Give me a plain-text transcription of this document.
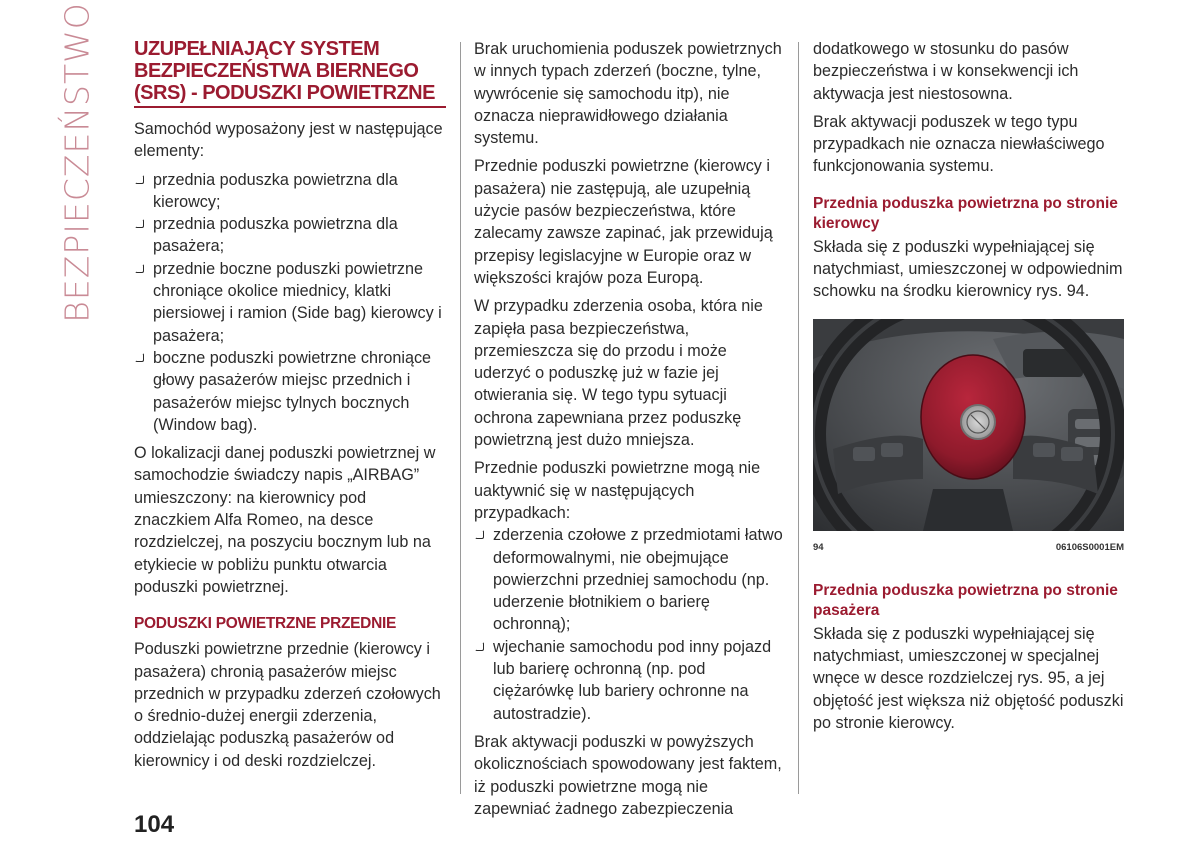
BEZPIECZEŃSTWO UZUPEŁNIAJĄCY SYSTEM BEZPIECZEŃSTWA BIERNEGO (SRS) - PODUSZKI POWIETRZNE

Samochód wyposażony jest w następujące elementy:

przednia poduszka powietrzna dla kierowcy;
przednia poduszka powietrzna dla pasażera;
przednie boczne poduszki powietrzne chroniące okolice miednicy, klatki piersiowej i ramion (Side bag) kierowcy i pasażera;
boczne poduszki powietrzne chroniące głowy pasażerów miejsc przednich i pasażerów miejsc tylnych bocznych (Window bag).

O lokalizacji danej poduszki powietrznej w samochodzie świadczy napis „AIRBAG” umieszczony: na kierownicy pod znaczkiem Alfa Romeo, na desce rozdzielczej, na poszyciu bocznym lub na etykiecie w pobliżu punktu otwarcia poduszki powietrznej.

PODUSZKI POWIETRZNE PRZEDNIE

Poduszki powietrzne przednie (kierowcy i pasażera) chronią pasażerów miejsc przednich w przypadku zderzeń czołowych o średnio-dużej energii zderzenia, oddzielając poduszką pasażerów od kierownicy i od deski rozdzielczej.

Brak uruchomienia poduszek powietrznych w innych typach zderzeń (boczne, tylne, wywrócenie się samochodu itp), nie oznacza nieprawidłowego działania systemu.

Przednie poduszki powietrzne (kierowcy i pasażera) nie zastępują, ale uzupełnią użycie pasów bezpieczeństwa, które zalecamy zawsze zapinać, jak przewidują przepisy legislacyjne w Europie oraz w większości krajów poza Europą.

W przypadku zderzenia osoba, która nie zapięła pasa bezpieczeństwa, przemieszcza się do przodu i może uderzyć o poduszkę już w fazie jej otwierania się. W tego typu sytuacji ochrona zapewniana przez poduszkę powietrzną jest dużo mniejsza.

Przednie poduszki powietrzne mogą nie uaktywnić się w następujących przypadkach:

zderzenia czołowe z przedmiotami łatwo deformowalnymi, nie obejmujące powierzchni przedniej samochodu (np. uderzenie błotnikiem o barierę ochronną);
wjechanie samochodu pod inny pojazd lub barierę ochronną (np. pod ciężarówkę lub bariery ochronne na autostradzie).

Brak aktywacji poduszki w powyższych okolicznościach spowodowany jest faktem, iż poduszki powietrzne mogą nie zapewniać żadnego zabezpieczenia

dodatkowego w stosunku do pasów bezpieczeństwa i w konsekwencji ich aktywacja jest niestosowna.

Brak aktywacji poduszek w tego typu przypadkach nie oznacza niewłaściwego funkcjonowania systemu.

Przednia poduszka powietrzna po stronie kierowcy

Składa się z poduszki wypełniającej się natychmiast, umieszczonej w odpowiednim schowku na środku kierownicy rys. 94.

94	06106S0001EM
Przednia poduszka powietrzna po stronie pasażera

Składa się z poduszki wypełniającej się natychmiast, umieszczonej w specjalnej wnęce w desce rozdzielczej rys. 95, a jej objętość jest większa niż objętość poduszki po stronie kierowcy.

104
